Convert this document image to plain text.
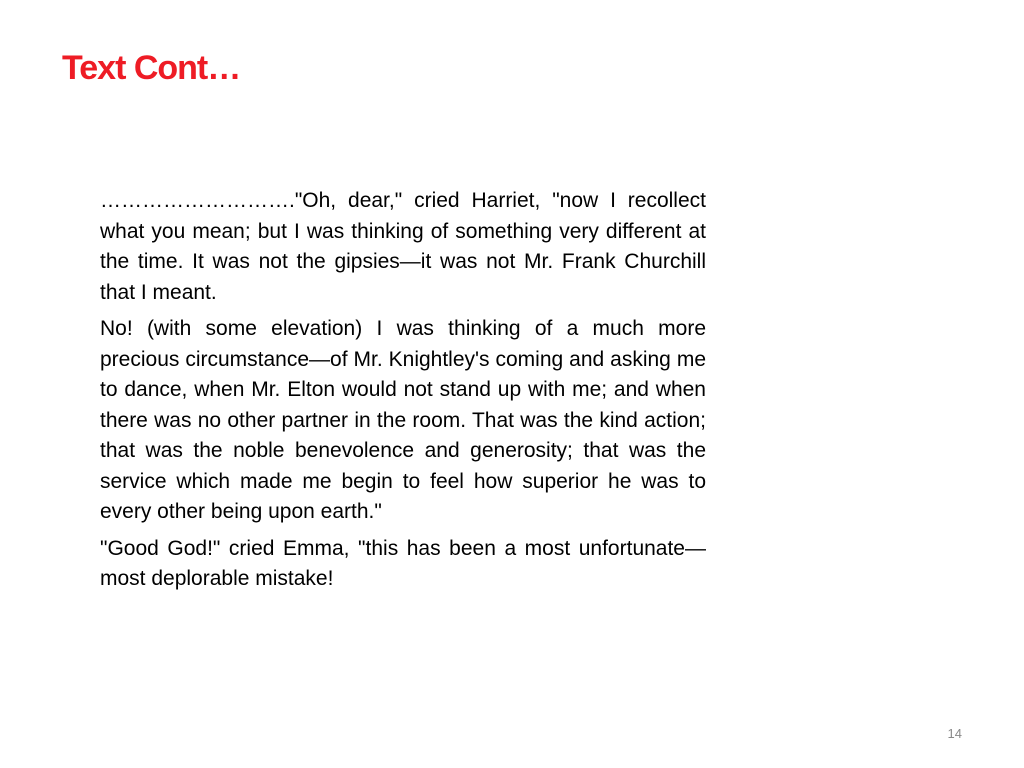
Text Cont…

………………………."Oh, dear," cried Harriet, "now I recollect what you mean; but I was thinking of something very different at the time. It was not the gipsies—it was not Mr. Frank Churchill that I meant.

No! (with some elevation) I was thinking of a much more precious circumstance—of Mr. Knightley's coming and asking me to dance, when Mr. Elton would not stand up with me; and when there was no other partner in the room. That was the kind action; that was the noble benevolence and generosity; that was the service which made me begin to feel how superior he was to every other being upon earth."

"Good God!" cried Emma, "this has been a most unfortunate—most deplorable mistake!

14
